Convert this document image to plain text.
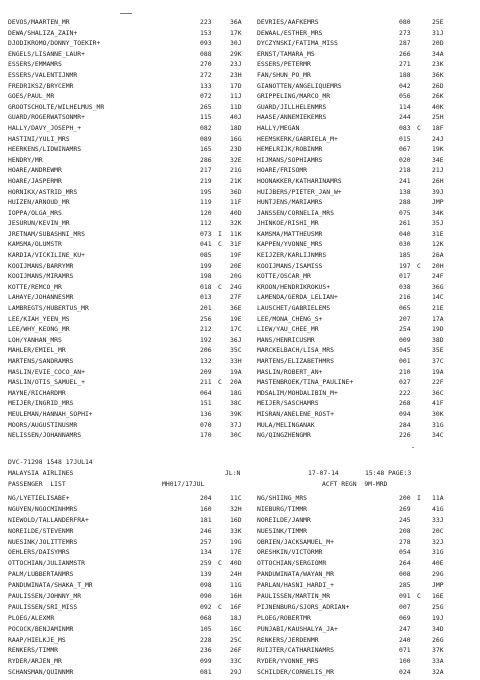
DEVOS/MAARTEN_MR	223	36A DEVRIES/AAFKEMRS	080	25E
DEWA/SHALIZA_ZAIN+	153	17K DEWAAL/ESTHER_MRS	273	31J
DJODIKROMO/DONNY_TOEKIR+	093	30J DYCZYNSKI/FATIMA_MISS	287	20D
ENGELS/LISANNE_LAUR+	088	29K ERNST/TAMARA_MS	266	34A
ESSERS/EMMAMRS	270	23J ESSERS/PETERMR	271	23K
ESSERS/VALENTIJNMR	272	23H FAN/SHUN_PO_MR	188	36K
FREDRIKSZ/BRYCEMR	133	17D GIANOTTEN/ANGELIQUEMRS	042	26D
GOES/PAUL_MR	072	11J GRIPPELING/MARCO_MR	056	26K
GROOTSCHOLTE/WILHELMUS_MR	265	11D GUARD/JILLHELENMRS	114	40K
GUARD/ROGERWATSONMR+	115	40J HAASE/ANNEMIEKEMRS	244	25H
HALLY/DAVY_JOSEPH_+	082	18D HALLY/MEGAN	083 C 18F
HASTINI/YULI_MRS	089	16G HEEMSKERK/GABRIELA_M+	015	24J
HEERKENS/LIDWINAMRS	165	23D HEMELRIJK/ROBINMR	067	19K
HENDRY/MR	286	32E HIJMANS/SOPHIAMRS	020	34E
HOARE/ANDREWMR	217	21G HOARE/FRISOMR	218	21J
HOARE/JASPERMR	219	21K HOONAKKER/KATHARINAMRS	241	26H
HORNIKX/ASTRID_MRS	195	36D HUIJBERS/PIETER_JAN_W+	138	39J
HUIZEN/ARNOUD_MR	119	11F HUNTJENS/MARIAMRS	288	JMP
IOPPA/OLGA_MRS	120	40D JANSSEN/CORNELIA_MRS	075	34K
JESURUN/KEVIN_MR	112	32K JHINKOE/RISHI_MR	261	35J
JRETNAM/SUBASHNI_MRS	073 I 11K KAMSMA/MATTHEUSMR	040	31E
KAMSMA/OLUMSTR	041 C 31F KAPPEN/YVONNE_MRS	030	12K
KARDIA/VICKILINE_KU+	085	19F KEIJZER/KARLIJNMRS	185	26A
KOOIJMANS/BARRYMR	199	20E KOOIJMANS/ISAMISS	197 C 20H
KOOIJMANS/MIRAMRS	198	20G KOTTE/OSCAR_MR	017	24F
KOTTE/REMCO_MR	018 C 24G KROON/HENDRIKROKUS+	038	36G
LAHAYE/JOHANNESMR	013	27F LAMENDA/GERDA_LELIAN+	216	14C
LAMBREGTS/HUBERTUS_MR	201	36E LAUSCHET/GABRIELEMS	065	21E
LEE/KIAH_YEEN_MS	256	19E LEE/MONA_CHENG_S+	207	17A
LEE/WHY_KEONG_MR	212	17C LIEW/YAU_CHEE_MR	254	19D
LOH/YANHAN_MRS	192	36J MANS/HENRICUSMR	009	38D
MAHLER/EMIEL_MR	206	35C MARCKELBACH/LISA_MRS	045	35E
MARTENS/SANDRAMRS	132	33H MARTENS/ELIZABETHMRS	001	37C
MASLIN/EVIE_COCO_AN+	209	19A MASLIN/ROBERT_AN+	210	19A
MASLIN/OTIS_SAMUEL_+	211 C 20A MASTENBROEK/TINA_PAULINE+	027	22F
MAYNE/RICHARDMR	064	18G MDSALIM/MOHDALIBIN_M+	222	36C
MEIJER/INGRID_MRS	151	38C MEIJER/SASCHAMRS	268	41F
MEULEMAN/HANNAH_SOPHI+	136	39K MISRAN/ANELENE_ROST+	094	30K
MOORS/AUGUSTINUSMR	070	37J MULA/MELINGANAK	284	31G
NELISSEN/JOHANNAMRS	170	30C NG/QINGZHENGMR	226	34C
DVC-71298 1548 17JUL14
MALAYSIA AIRLINES	JL:N	17-07-14	15:48 PAGE:3
PASSENGER  LIST	MH017/17JUL	ACFT REGN  9M-MRD
NG/LYETIELISABE+	204	11C NG/SHIING_MRS	200 I 11A
NGUYEN/NGOCMINHMRS	160	32H NIEBURG/TIMMR	269	41G
NIEWOLD/TALLANDERFRA+	181	16D NOREILDE/JANMR	245	33J
NOREILDE/STEVENMR	246	33K NUESINK/TIMMR	208	20C
NUESINK/JOLITTEMRS	257	19G OBRIEN/JACKSAMUEL_M+	278	32J
OEHLERS/DAISYMRS	134	17E ORESHKIN/VICTORMR	054	31G
OTTOCHIAN/JULIANMSTR	259 C 40D OTTOCHIAN/SERGIOMR	264	40E
PALM/LUBBERTANMRS	139	24H PANDUWINATA/WAYAN_MR	008	29G
PANDUWINATA/SHAKA_T_MR	098	11G PARLAN/HASNI_HARDI_+	285	JMP
PAULISSEN/JOHNNY_MR	090	16H PAULISSEN/MARTIN_MR	091 C 16E
PAULISSEN/SRI_MISS	092 C 16F PIJNENBURG/SJORS_ADRIAN+	007	25G
PLOEG/ALEXMR	068	18J PLOEG/ROBERTMR	069	19J
POCOCK/BENJAMINMR	105	16C PUNJABI/KAUSHALYA_JA+	247	34D
RAAP/HIELKJE_MS	228	25C RENKERS/JERDENMR	240	26G
RENKERS/TIMMR	236	26F RUIJTER/CATHARINAMRS	071	37K
RYDER/ARJEN_MR	099	33C RYDER/YVONNE_MRS	100	33A
SCHANSMAN/QUINNMR	081	29J SCHILDER/CORNELIS_MR	024	32A
